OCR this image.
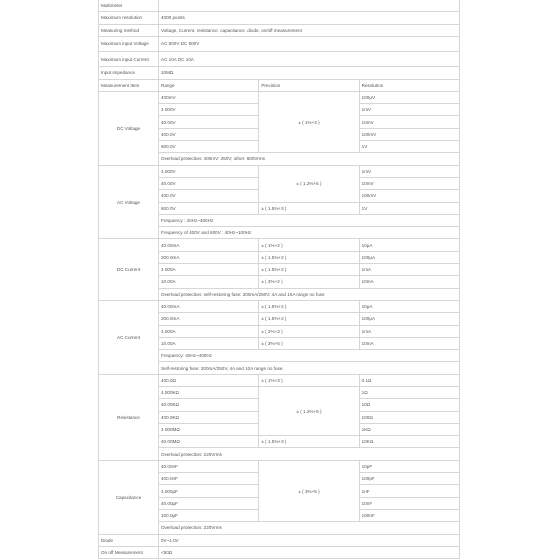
Multimeter			
Maximum resolution	4000 points		
Measuring method	Voltage, Current, resistance, capacitance, diode, on/off measurement		
Maximum input Voltage	AC 600V DC 600V		
Maximum input Current	AC 10A DC 10A		
Input impedance	10MΩ		
Measurement Item	Range	Precision	Resolution
DC Voltage	400mV	± ( 1%+3 )	100μV
	4.000V		1mV
	40.00V		10mV
	400.0V		100mV
	600.0V		1V
	Overload protection: 400mV: 250V; other: 600Vrms		
AC Voltage	4.000V	± ( 1.2%+5 )	1mV
	40.00V		10mV
	400.0V		100mV
	600.0V	± ( 1.5%+3 )	1V
	Frequency : 40Hz~400Hz		
	Frequency of 400V and 600V : 40Hz~100Hz		
DC Current	40.00mA	± ( 1%+2 )	10μA
	200.0mA	± ( 1.5%+2 )	100μA
	4.000A	± ( 1.5%+2 )	1mA
	10.00A	± ( 3%+2 )	10mA
	Overload protection: self-restoring fuse: 200mA/250V; 4A and 10A range no fuse		
AC Current	40.00mA	± ( 1.5%+2 )	10μA
	200.0mA	± ( 1.5%+2 )	100μA
	4.000A	± ( 2%+3 )	1mA
	10.00A	± ( 3%+5 )	10mA
	Frequency: 40Hz~400Hz		
	Self-restoring fuse: 200mA/250V, 4A and 10A range no fuse.		
Resistance	400.0Ω	± ( 1%+3 )	0.1Ω
	4.000KΩ	± ( 1.2%+5 )	1Ω
	40.00KΩ		10Ω
	400.0KΩ		100Ω
	4.000MΩ		1KΩ
	40.00MΩ	± ( 1.5%+3 )	10KΩ
	Overload protection: 220Vrms		
Capacitance	40.00nF	± ( 3%+5 )	10pF
	400.0nF		100pF
	4.000μF		1nF
	40.00μF		10nF
	100.0μF		100nF
	Overload protection: 220Vrms		
Diode	0V~1.0V		
On off Measurement	<50Ω		
